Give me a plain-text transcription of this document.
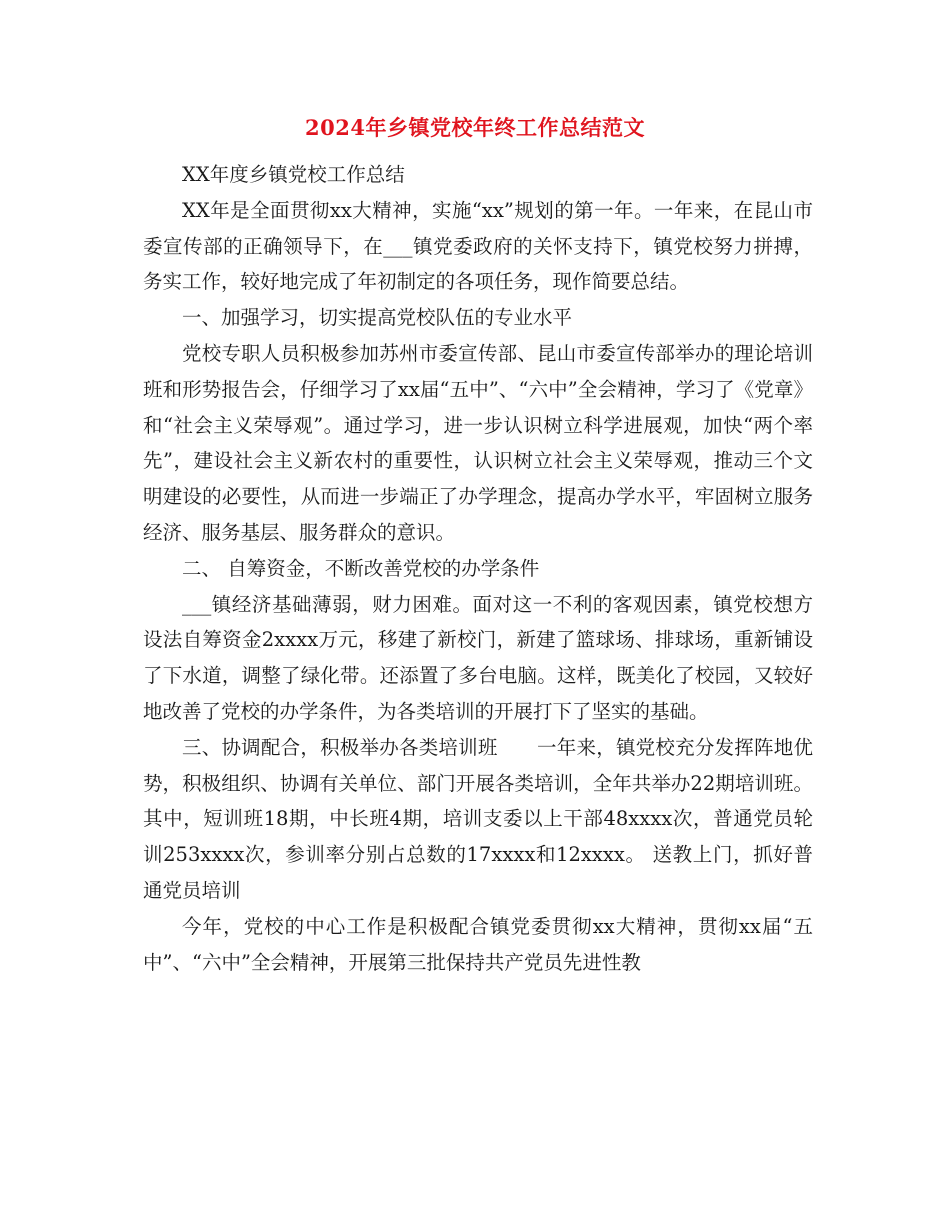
2024年乡镇党校年终工作总结范文

XX年度乡镇党校工作总结

XX年是全面贯彻xx大精神，实施“xx”规划的第一年。一年来，在昆山市委宣传部的正确领导下，在___镇党委政府的关怀支持下，镇党校努力拼搏，务实工作，较好地完成了年初制定的各项任务，现作简要总结。

一、加强学习，切实提高党校队伍的专业水平

党校专职人员积极参加苏州市委宣传部、昆山市委宣传部举办的理论培训班和形势报告会，仔细学习了xx届“五中”、“六中”全会精神，学习了《党章》和“社会主义荣辱观”。通过学习，进一步认识树立科学进展观，加快“两个率先”，建设社会主义新农村的重要性，认识树立社会主义荣辱观，推动三个文明建设的必要性，从而进一步端正了办学理念，提高办学水平，牢固树立服务经济、服务基层、服务群众的意识。

二、 自筹资金，不断改善党校的办学条件

___镇经济基础薄弱，财力困难。面对这一不利的客观因素，镇党校想方设法自筹资金2xxxx万元，移建了新校门，新建了篮球场、排球场，重新铺设了下水道，调整了绿化带。还添置了多台电脑。这样，既美化了校园，又较好地改善了党校的办学条件，为各类培训的开展打下了坚实的基础。

三、协调配合，积极举办各类培训班　　一年来，镇党校充分发挥阵地优势，积极组织、协调有关单位、部门开展各类培训，全年共举办22期培训班。其中，短训班18期，中长班4期，培训支委以上干部48xxxx次，普通党员轮训253xxxx次，参训率分别占总数的17xxxx和12xxxx。 送教上门，抓好普通党员培训

今年，党校的中心工作是积极配合镇党委贯彻xx大精神，贯彻xx届“五中”、“六中”全会精神，开展第三批保持共产党员先进性教
